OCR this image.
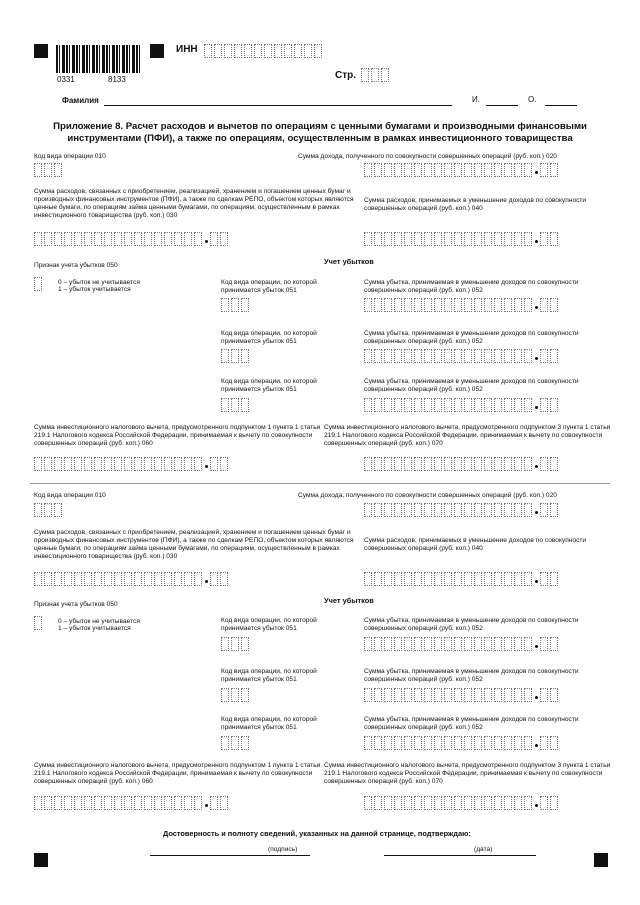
0331	8133
ИНН
Стр.
Фамилия	И.	О.
Приложение 8. Расчет расходов и вычетов по операциям с ценными бумагами и производными финансовыми инструментами (ПФИ), а также по операциям, осуществленным в рамках инвестиционного товарищества
Код вида операции 010	Сумма дохода, полученного по совокупности совершенных операций (руб. коп.) 020
Сумма расходов, связанных с приобретением, реализацией, хранением и погашением ценных бумаг и производных финансовых инструментов (ПФИ), а также по сделкам РЕПО, объектом которых являются ценные бумаги, по операциям займа ценными бумагами, по операциям, осуществленным в рамках инвестиционного товарищества (руб. коп.) 030
Сумма расходов, принимаемых в уменьшение доходов по совокупности совершенных операций (руб. коп.) 040
Признак учета убытков 050	Учет убытков
0 – убыток не учитывается
1 – убыток учитывается
Код вида операции, по которой принимается убыток 051
Сумма убытка, принимаемая в уменьшение доходов по совокупности совершенных операций (руб. коп.) 052
Код вида операции, по которой принимается убыток 051
Сумма убытка, принимаемая в уменьшение доходов по совокупности совершенных операций (руб. коп.) 052
Код вида операции, по которой принимается убыток 051
Сумма убытка, принимаемая в уменьшение доходов по совокупности совершенных операций (руб. коп.) 052
Сумма инвестиционного налогового вычета, предусмотренного подпунктом 1 пункта 1 статьи 219.1 Налогового кодекса Российской Федерации, принимаемая к вычету по совокупности совершенных операций (руб. коп.) 060
Сумма инвестиционного налогового вычета, предусмотренного подпунктом 3 пункта 1 статьи 219.1 Налогового кодекса Российской Федерации, принимаемая к вычету по совокупности совершенных операций (руб. коп.) 070
Код вида операции 010	Сумма дохода, полученного по совокупности совершенных операций (руб. коп.) 020
Сумма расходов, связанных с приобретением, реализацией, хранением и погашением ценных бумаг и производных финансовых инструментов (ПФИ), а также по сделкам РЕПО, объектом которых являются ценные бумаги, по операциям займа ценными бумагами, по операциям, осуществленным в рамках инвестиционного товарищества (руб. коп.) 030
Сумма расходов, принимаемых в уменьшение доходов по совокупности совершенных операций (руб. коп.) 040
Признак учета убытков 050	Учет убытков
0 – убыток не учитывается
1 – убыток учитывается
Код вида операции, по которой принимается убыток 051
Сумма убытка, принимаемая в уменьшение доходов по совокупности совершенных операций (руб. коп.) 052
Код вида операции, по которой принимается убыток 051
Сумма убытка, принимаемая в уменьшение доходов по совокупности совершенных операций (руб. коп.) 052
Код вида операции, по которой принимается убыток 051
Сумма убытка, принимаемая в уменьшение доходов по совокупности совершенных операций (руб. коп.) 052
Сумма инвестиционного налогового вычета, предусмотренного подпунктом 1 пункта 1 статьи 219.1 Налогового кодекса Российской Федерации, принимаемая к вычету по совокупности совершенных операций (руб. коп.) 060
Сумма инвестиционного налогового вычета, предусмотренного подпунктом 3 пункта 1 статьи 219.1 Налогового кодекса Российской Федерации, принимаемая к вычету по совокупности совершенных операций (руб. коп.) 070
Достоверность и полноту сведений, указанных на данной странице, подтверждаю:
(подпись)	(дата)
